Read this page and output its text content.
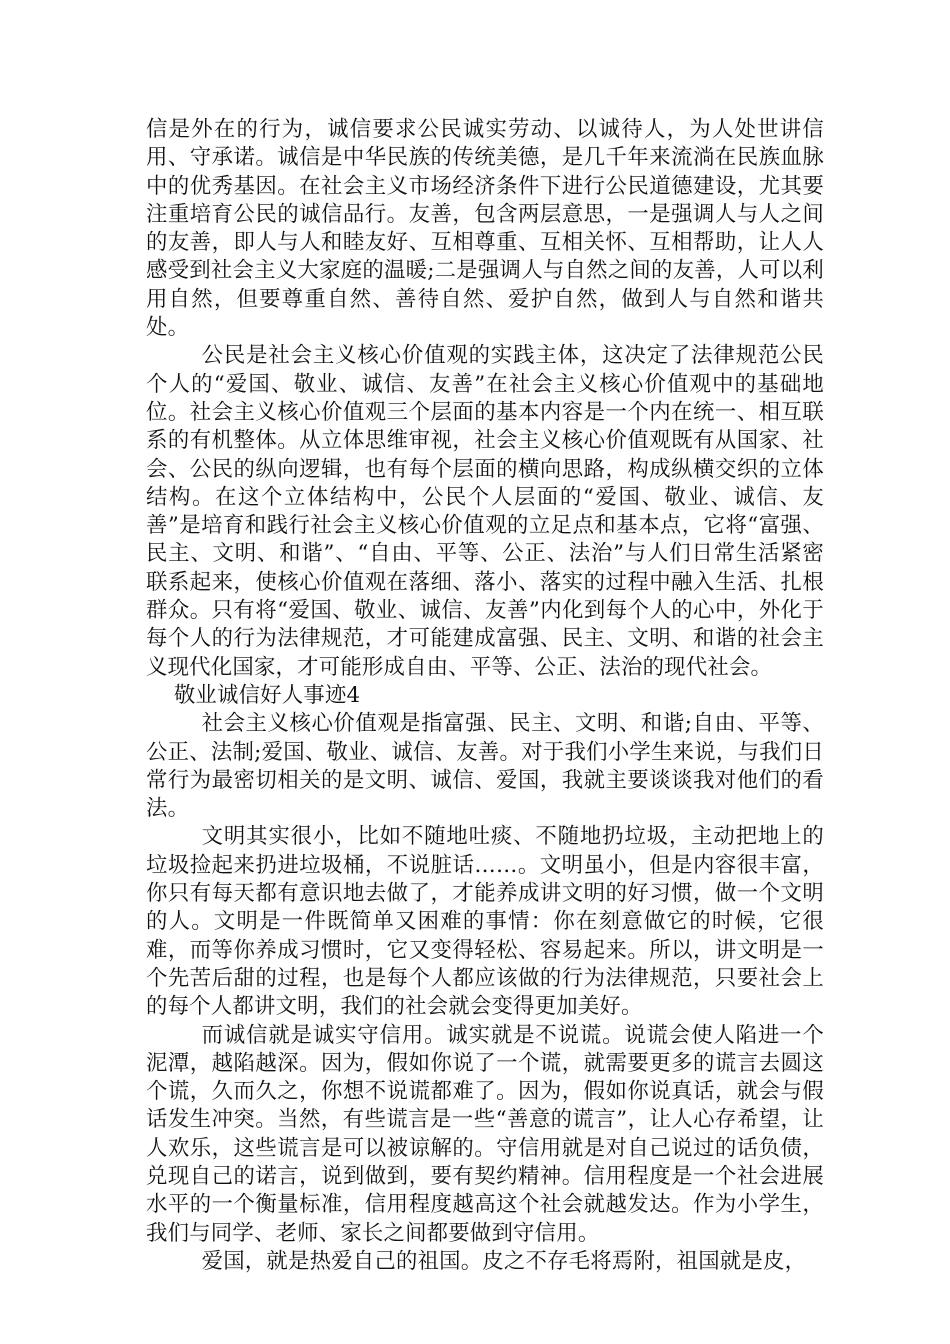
信是外在的行为，诚信要求公民诚实劳动、以诚待人，为人处世讲信用、守承诺。诚信是中华民族的传统美德，是几千年来流淌在民族血脉中的优秀基因。在社会主义市场经济条件下进行公民道德建设，尤其要注重培育公民的诚信品行。友善，包含两层意思，一是强调人与人之间的友善，即人与人和睦友好、互相尊重、互相关怀、互相帮助，让人人感受到社会主义大家庭的温暖;二是强调人与自然之间的友善，人可以利用自然，但要尊重自然、善待自然、爱护自然，做到人与自然和谐共处。

公民是社会主义核心价值观的实践主体，这决定了法律规范公民个人的“爱国、敬业、诚信、友善”在社会主义核心价值观中的基础地位。社会主义核心价值观三个层面的基本内容是一个内在统一、相互联系的有机整体。从立体思维审视，社会主义核心价值观既有从国家、社会、公民的纵向逻辑，也有每个层面的横向思路，构成纵横交织的立体结构。在这个立体结构中，公民个人层面的“爱国、敬业、诚信、友善”是培育和践行社会主义核心价值观的立足点和基本点，它将“富强、民主、文明、和谐”、“自由、平等、公正、法治”与人们日常生活紧密联系起来，使核心价值观在落细、落小、落实的过程中融入生活、扎根群众。只有将“爱国、敬业、诚信、友善”内化到每个人的心中，外化于每个人的行为法律规范，才可能建成富强、民主、文明、和谐的社会主义现代化国家，才可能形成自由、平等、公正、法治的现代社会。

敬业诚信好人事迹4

社会主义核心价值观是指富强、民主、文明、和谐;自由、平等、公正、法制;爱国、敬业、诚信、友善。对于我们小学生来说，与我们日常行为最密切相关的是文明、诚信、爱国，我就主要谈谈我对他们的看法。

文明其实很小，比如不随地吐痰、不随地扔垃圾，主动把地上的垃圾捡起来扔进垃圾桶，不说脏话……。文明虽小，但是内容很丰富，你只有每天都有意识地去做了，才能养成讲文明的好习惯，做一个文明的人。文明是一件既简单又困难的事情：你在刻意做它的时候，它很难，而等你养成习惯时，它又变得轻松、容易起来。所以，讲文明是一个先苦后甜的过程，也是每个人都应该做的行为法律规范，只要社会上的每个人都讲文明，我们的社会就会变得更加美好。

而诚信就是诚实守信用。诚实就是不说谎。说谎会使人陷进一个泥潭，越陷越深。因为，假如你说了一个谎，就需要更多的谎言去圆这个谎，久而久之，你想不说谎都难了。因为，假如你说真话，就会与假话发生冲突。当然，有些谎言是一些“善意的谎言”，让人心存希望，让人欢乐，这些谎言是可以被谅解的。守信用就是对自己说过的话负债，兑现自己的诺言，说到做到，要有契约精神。信用程度是一个社会进展水平的一个衡量标准，信用程度越高这个社会就越发达。作为小学生，我们与同学、老师、家长之间都要做到守信用。

爱国，就是热爱自己的祖国。皮之不存毛将焉附，祖国就是皮，
